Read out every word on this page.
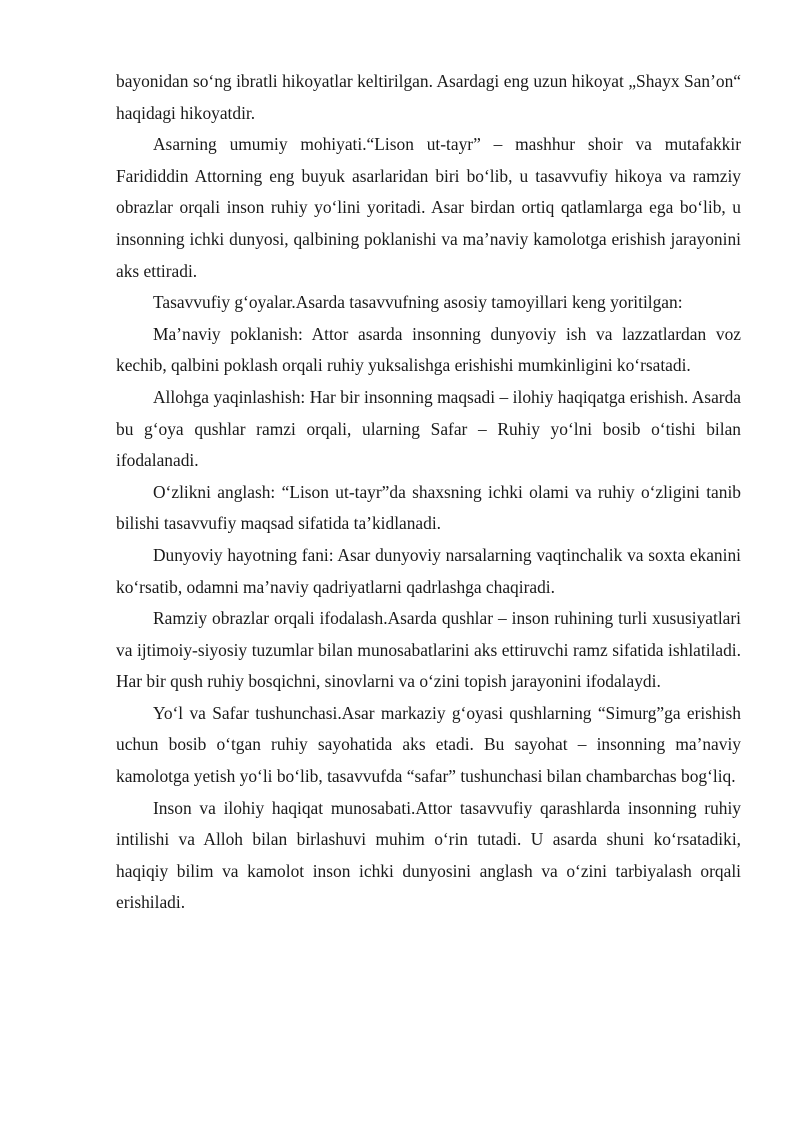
bayonidan so‘ng ibratli hikoyatlar keltirilgan. Asardagi eng uzun hikoyat „Shayx San’on“ haqidagi hikoyatdir.

Asarning umumiy mohiyati.“Lison ut-tayr” – mashhur shoir va mutafakkir Farididdin Attorning eng buyuk asarlaridan biri bo‘lib, u tasavvufiy hikoya va ramziy obrazlar orqali inson ruhiy yo‘lini yoritadi. Asar birdan ortiq qatlamlarga ega bo‘lib, u insonning ichki dunyosi, qalbining poklanishi va ma’naviy kamolotga erishish jarayonini aks ettiradi.

Tasavvufiy g‘oyalar.Asarda tasavvufning asosiy tamoyillari keng yoritilgan:

Ma’naviy poklanish: Attor asarda insonning dunyoviy ish va lazzatlardan voz kechib, qalbini poklash orqali ruhiy yuksalishga erishishi mumkinligini ko‘rsatadi.

Allohga yaqinlashish: Har bir insonning maqsadi – ilohiy haqiqatga erishish. Asarda bu g‘oya qushlar ramzi orqali, ularning Safar – Ruhiy yo‘lni bosib o‘tishi bilan ifodalanadi.

O‘zlikni anglash: “Lison ut-tayr”da shaxsning ichki olami va ruhiy o‘zligini tanib bilishi tasavvufiy maqsad sifatida ta’kidlanadi.

Dunyoviy hayotning fani: Asar dunyoviy narsalarning vaqtinchalik va soxta ekanini ko‘rsatib, odamni ma’naviy qadriyatlarni qadrlashga chaqiradi.

Ramziy obrazlar orqali ifodalash.Asarda qushlar – inson ruhining turli xususiyatlari va ijtimoiy-siyosiy tuzumlar bilan munosabatlarini aks ettiruvchi ramz sifatida ishlatiladi. Har bir qush ruhiy bosqichni, sinovlarni va o‘zini topish jarayonini ifodalaydi.

Yo‘l va Safar tushunchasi.Asar markaziy g‘oyasi qushlarning “Simurg”ga erishish uchun bosib o‘tgan ruhiy sayohatida aks etadi. Bu sayohat – insonning ma’naviy kamolotga yetish yo‘li bo‘lib, tasavvufda “safar” tushunchasi bilan chambarchas bog‘liq.

Inson va ilohiy haqiqat munosabati.Attor tasavvufiy qarashlarda insonning ruhiy intilishi va Alloh bilan birlashuvi muhim o‘rin tutadi. U asarda shuni ko‘rsatadiki, haqiqiy bilim va kamolot inson ichki dunyosini anglash va o‘zini tarbiyalash orqali erishiladi.
